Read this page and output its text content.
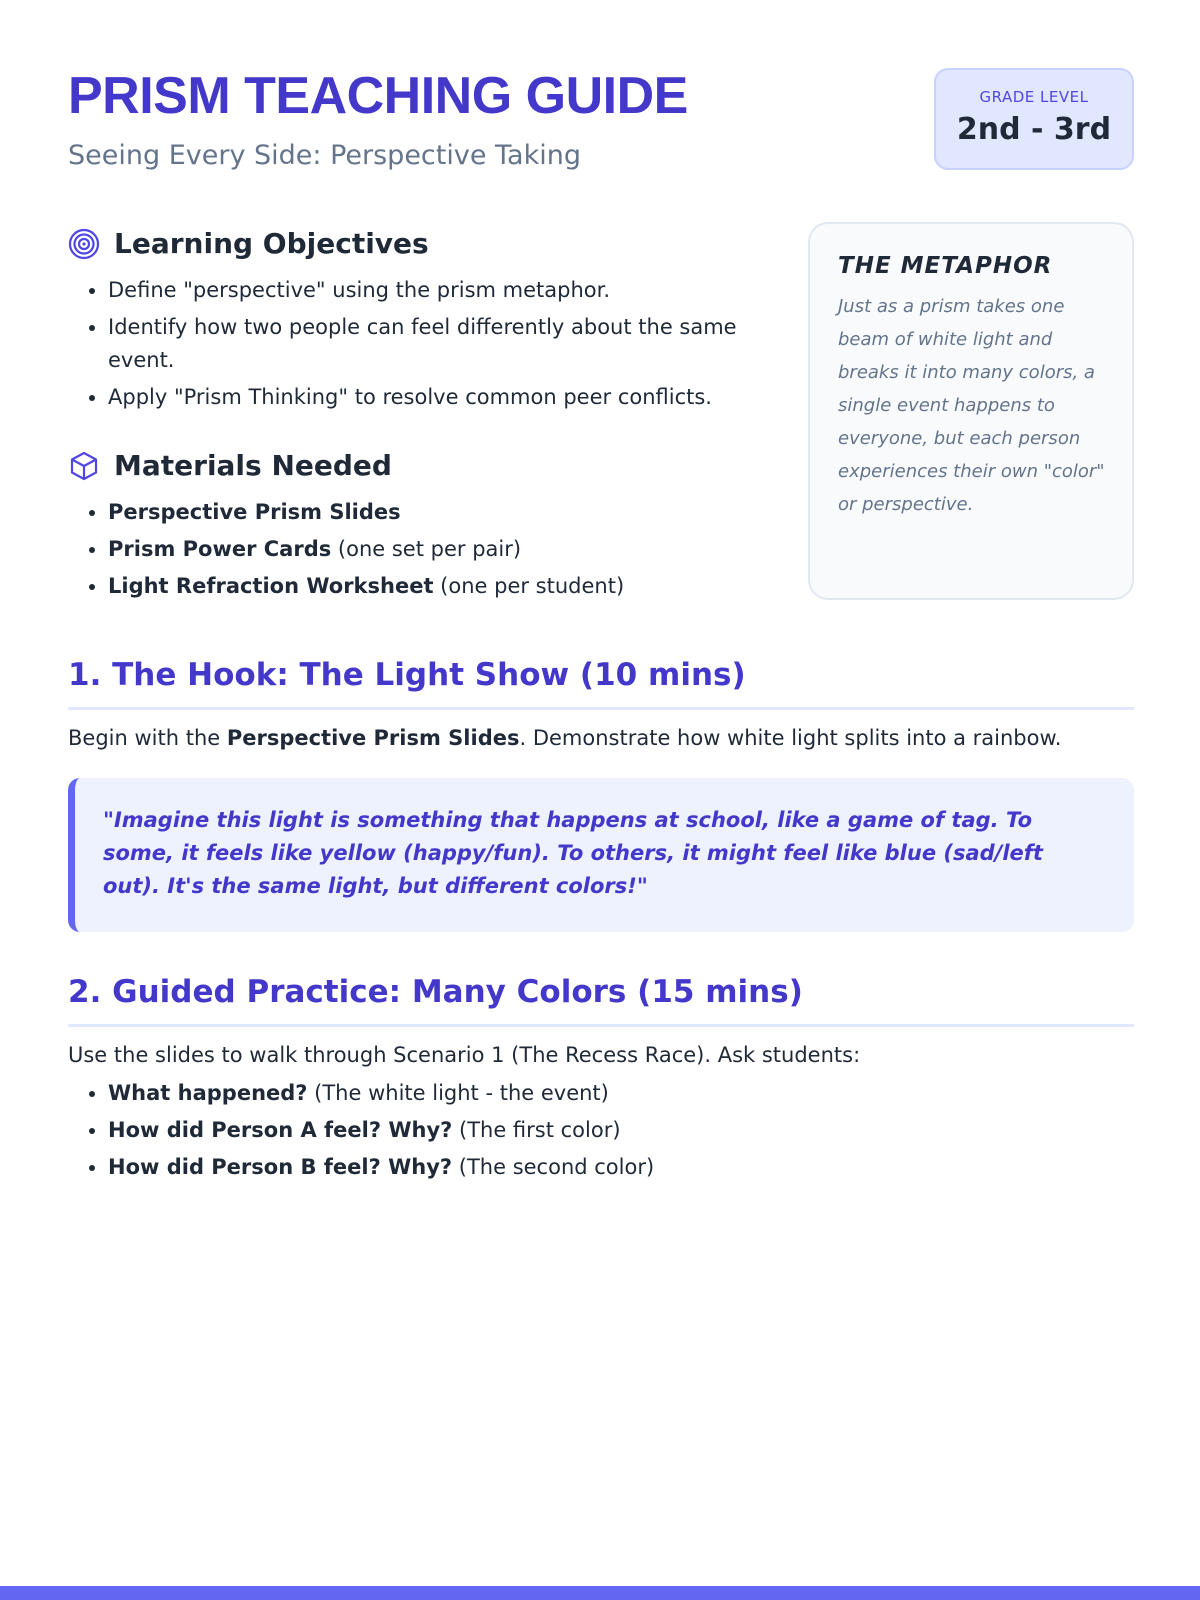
PRISM TEACHING GUIDE

Seeing Every Side: Perspective Taking

GRADE LEVEL
2nd - 3rd
Learning Objectives
• Define "perspective" using the prism metaphor.
• Identify how two people can feel differently about the same event.
• Apply "Prism Thinking" to resolve common peer conflicts.
Materials Needed
• Perspective Prism Slides
• Prism Power Cards (one set per pair)
• Light Refraction Worksheet (one per student)

THE METAPHOR

Just as a prism takes one beam of white light and breaks it into many colors, a single event happens to everyone, but each person experiences their own "color" or perspective.

1. The Hook: The Light Show (10 mins)

Begin with the Perspective Prism Slides. Demonstrate how white light splits into a rainbow.

"Imagine this light is something that happens at school, like a game of tag. To some, it feels like yellow (happy/fun). To others, it might feel like blue (sad/left out). It's the same light, but different colors!"
2. Guided Practice: Many Colors (15 mins)

Use the slides to walk through Scenario 1 (The Recess Race). Ask students:

• What happened? (The white light - the event)
• How did Person A feel? Why? (The first color)
• How did Person B feel? Why? (The second color)
